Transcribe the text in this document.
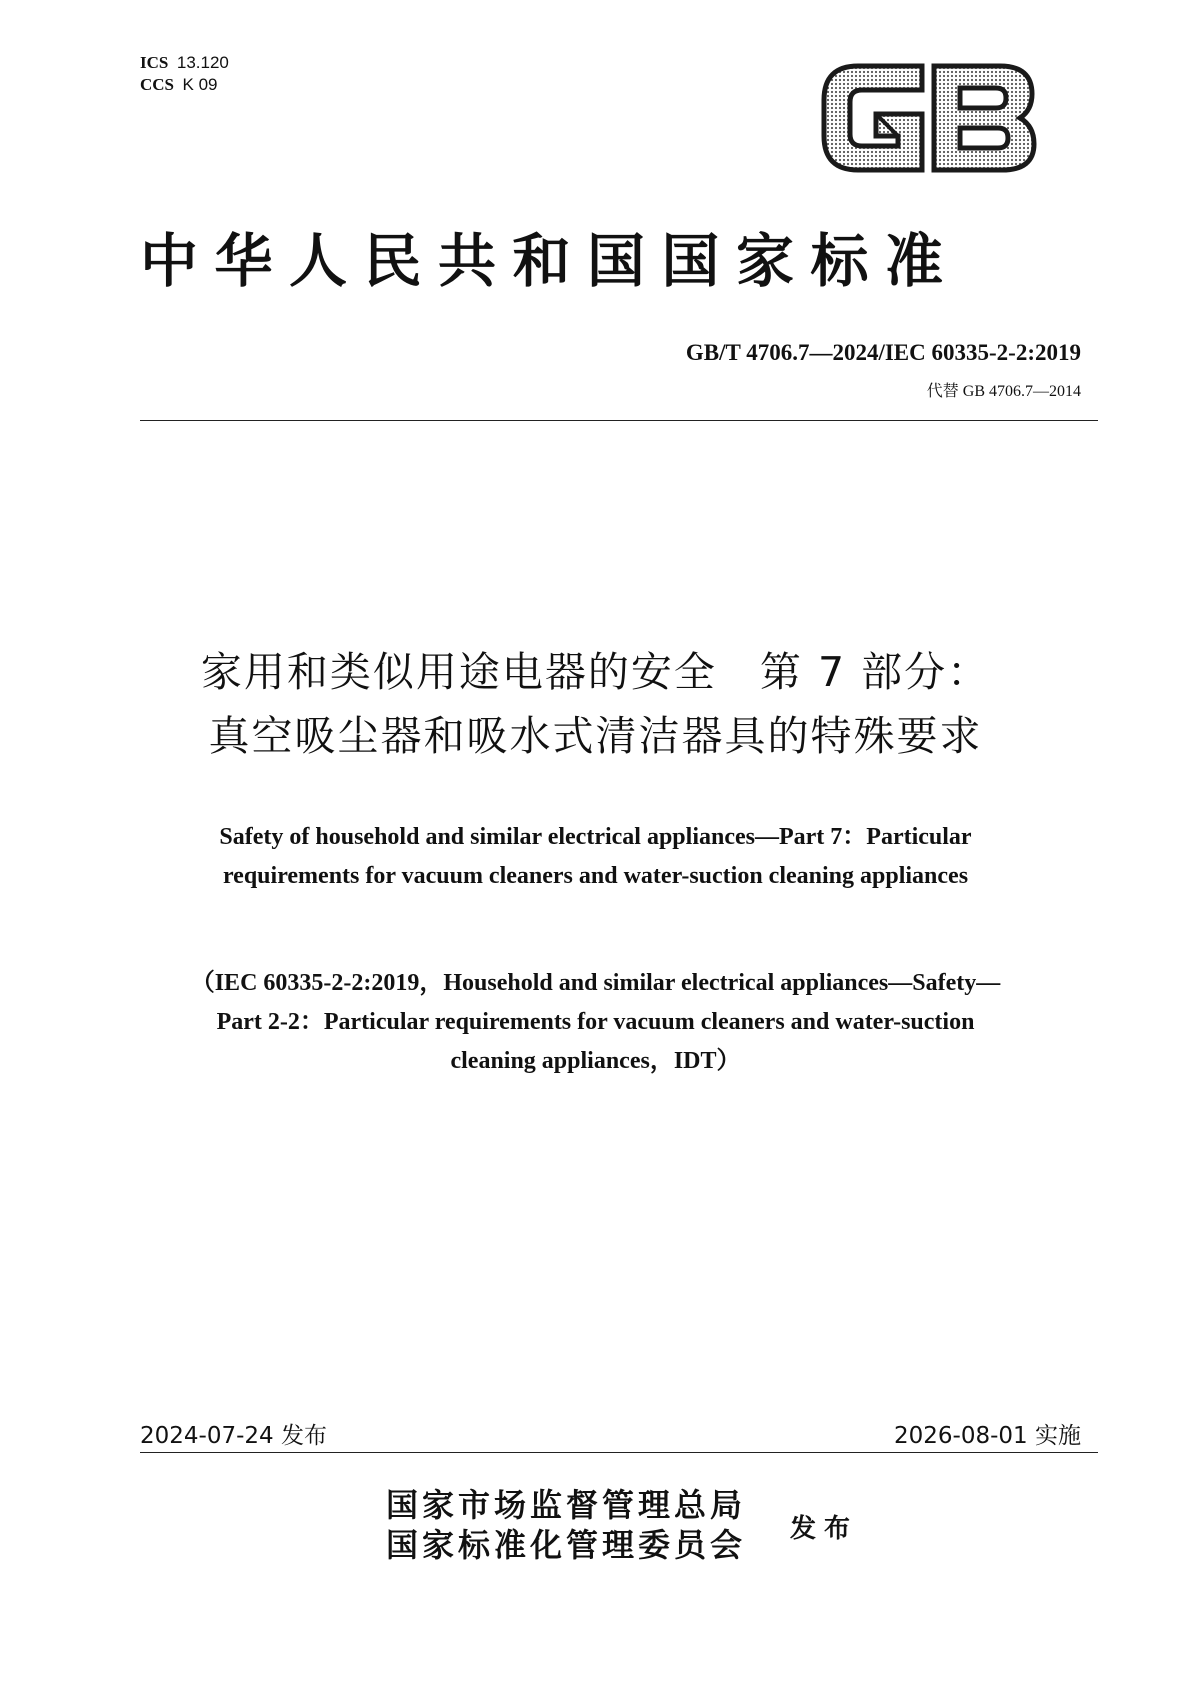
ICS 13.120
CCS K 09
中华人民共和国国家标准
GB/T 4706.7—2024/IEC 60335-2-2:2019
代替 GB 4706.7—2014
家用和类似用途电器的安全　第 7 部分：
真空吸尘器和吸水式清洁器具的特殊要求
Safety of household and similar electrical appliances—Part 7：Particular
requirements for vacuum cleaners and water-suction cleaning appliances
（IEC 60335-2-2:2019，Household and similar electrical appliances—Safety—
Part 2-2：Particular requirements for vacuum cleaners and water-suction
cleaning appliances，IDT）
2024-07-24 发布	2026-08-01 实施
国家市场监督管理总局
国家标准化管理委员会 发布
